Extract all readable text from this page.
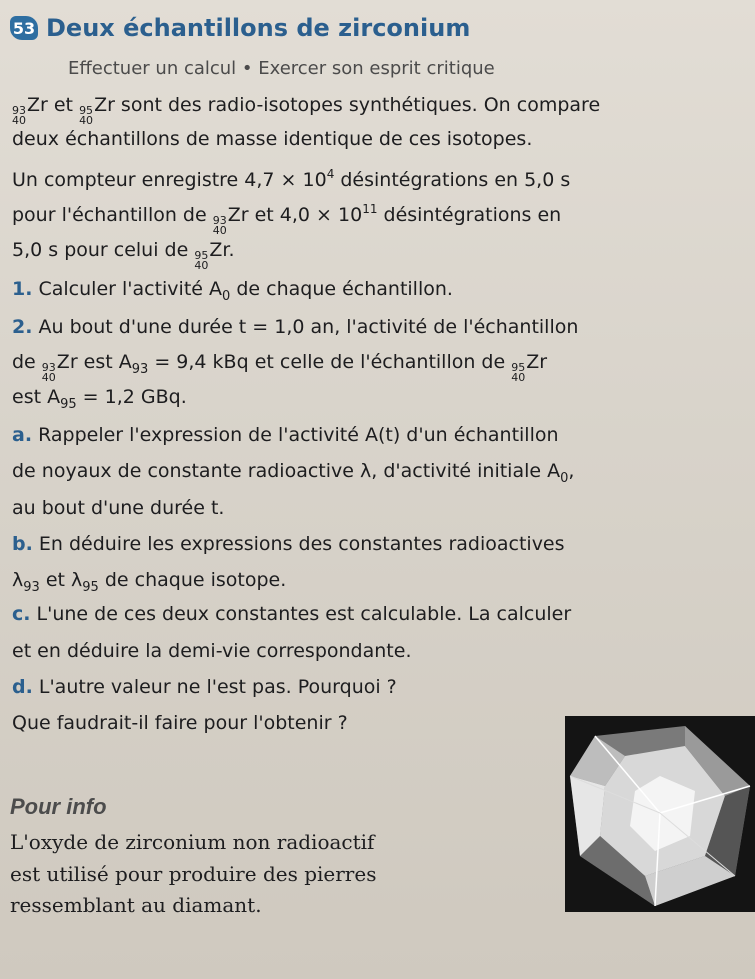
53 Deux échantillons de zirconium
Effectuer un calcul • Exercer son esprit critique
93
40
Zr et 95
40
Zr sont des radio-isotopes synthétiques. On compare
deux échantillons de masse identique de ces isotopes.
Un compteur enregistre $4,7 \times 10^4$ désintégrations en 5,0 s
pour l'échantillon de 93
40
Zr et $4,0 \times 10^{11}$ désintégrations en
5,0 s pour celui de 95
40
Zr.
1. Calculer l'activité $A_0$ de chaque échantillon.
2. Au bout d'une durée t = 1,0 an, l'activité de l'échantillon
de 93
40
Zr est $A_{93} = 9,4$ kBq et celle de l'échantillon de 95
40
Zr
est $A_{95} = 1,2$ GBq.
a. Rappeler l'expression de l'activité A(t) d'un échantillon
de noyaux de constante radioactive λ, d'activité initiale $A_0$,
au bout d'une durée t.
b. En déduire les expressions des constantes radioactives
$\lambda_{93}$ et $\lambda_{95}$ de chaque isotope.
c. L'une de ces deux constantes est calculable. La calculer
et en déduire la demi-vie correspondante.
d. L'autre valeur ne l'est pas. Pourquoi ?
Que faudrait-il faire pour l'obtenir ?
Pour info
L'oxyde de zirconium non radioactif
est utilisé pour produire des pierres
ressemblant au diamant.
